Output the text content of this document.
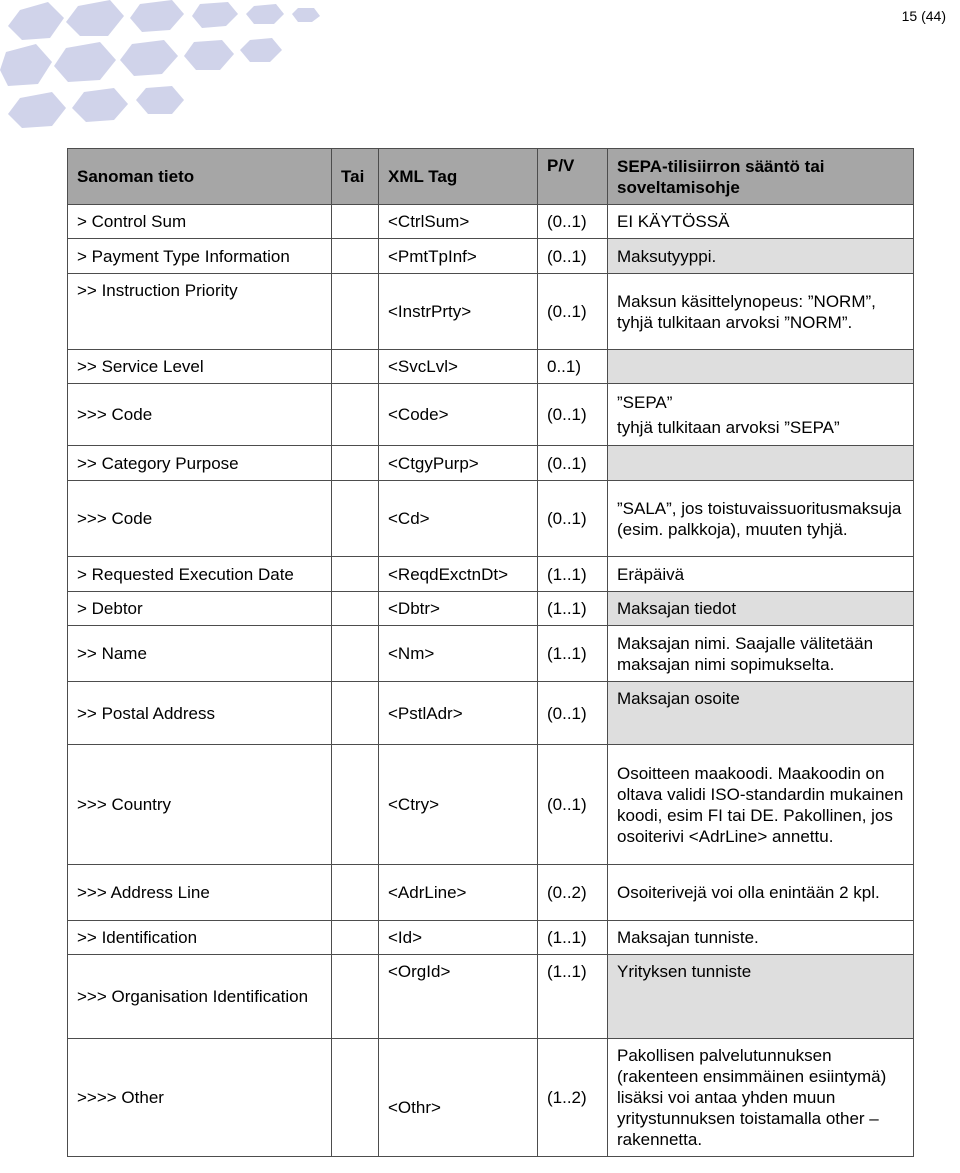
15 (44)
Sanoman tieto	Tai	XML Tag	P/V	SEPA-tilisiirron sääntö tai soveltamisohje
> Control Sum		<CtrlSum>	(0..1)	EI KÄYTÖSSÄ
> Payment Type Information		<PmtTpInf>	(0..1)	Maksutyyppi.
>> Instruction Priority		<InstrPrty>	(0..1)	Maksun käsittelynopeus: ”NORM”, tyhjä tulkitaan arvoksi ”NORM”.
>> Service Level		<SvcLvl>	0..1)	
>>> Code		<Code>	(0..1)	”SEPA”
tyhjä tulkitaan arvoksi ”SEPA”

>> Category Purpose		<CtgyPurp>	(0..1)	
>>> Code		<Cd>	(0..1)	”SALA”, jos toistuvaissuoritusmaksuja (esim. palkkoja), muuten tyhjä.
> Requested Execution Date		<ReqdExctnDt>	(1..1)	Eräpäivä
> Debtor		<Dbtr>	(1..1)	Maksajan tiedot
>> Name		<Nm>	(1..1)	Maksajan nimi. Saajalle välitetään maksajan nimi sopimukselta.
>> Postal Address		<PstlAdr>	(0..1)	Maksajan osoite
>>> Country		<Ctry>	(0..1)	Osoitteen maakoodi. Maakoodin on oltava validi ISO-standardin mukainen koodi, esim FI tai DE. Pakollinen, jos osoiterivi <AdrLine> annettu.
>>> Address Line		<AdrLine>	(0..2)	Osoiterivejä voi olla enintään 2 kpl.
>> Identification		<Id>	(1..1)	Maksajan tunniste.
>>> Organisation Identification		<OrgId>	(1..1)	Yrityksen tunniste
>>>> Other		<Othr>	(1..2)	Pakollisen palvelutunnuksen (rakenteen ensimmäinen esiintymä) lisäksi voi antaa yhden muun yritystunnuksen toistamalla other –rakennetta.
